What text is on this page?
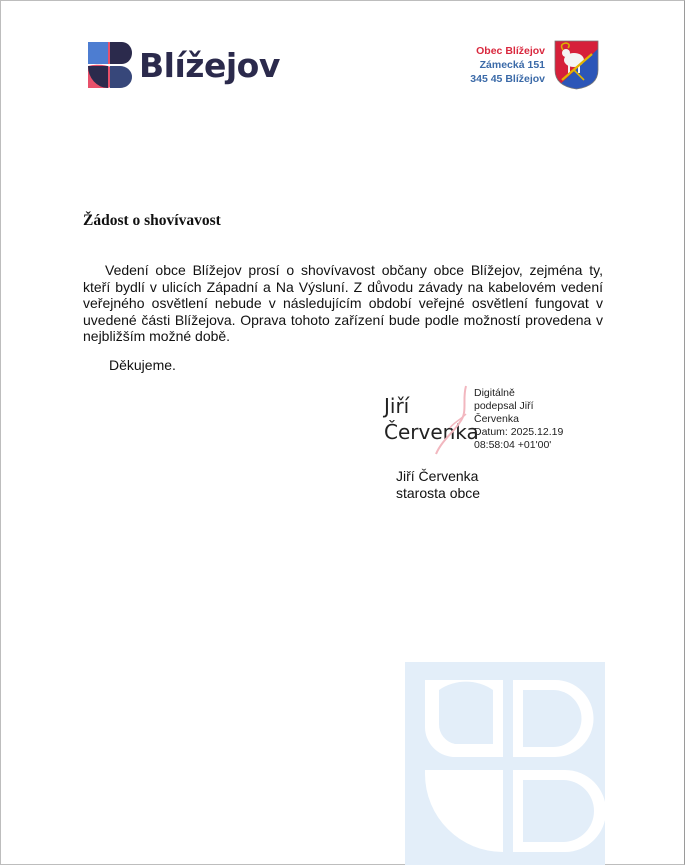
Blížejov	Obec Blížejov
Zámecká 151
345 45 Blížejov
Žádost o shovívavost

Vedení obce Blížejov prosí o shovívavost občany obce Blížejov, zejména ty, kteří bydlí v ulicích Západní a Na Výsluní. Z důvodu závady na kabelovém vedení veřejného osvětlení nebude v následujícím období veřejné osvětlení fungovat v uvedené části Blížejova. Oprava tohoto zařízení bude podle možností provedena v nejbližším možné době.

Děkujeme.
Jiří
Červenka
Digitálně
podepsal Jiří
Červenka
Datum: 2025.12.19
08:58:04 +01'00'
Jiří Červenka
starosta obce
